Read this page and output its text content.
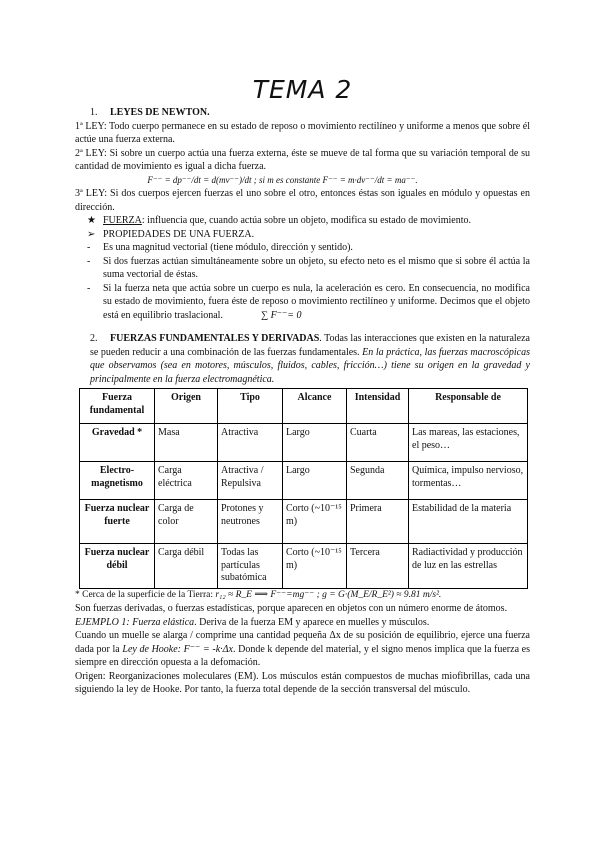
TEMA 2
1. LEYES DE NEWTON.

1ª LEY: Todo cuerpo permanece en su estado de reposo o movimiento rectilíneo y uniforme a menos que sobre él actúe una fuerza externa.

2ª LEY: Si sobre un cuerpo actúa una fuerza externa, éste se mueve de tal forma que su variación temporal de su cantidad de movimiento es igual a dicha fuerza.

F⁻⁻ = dp⁻⁻/dt = d(mv⁻⁻)/dt ; si m es constante F⁻⁻ = m·dv⁻⁻/dt = ma⁻⁻.

3ª LEY: Si dos cuerpos ejercen fuerzas el uno sobre el otro, entonces éstas son iguales en módulo y opuestas en dirección.

★ FUERZA: influencia que, cuando actúa sobre un objeto, modifica su estado de movimiento.
➢ PROPIEDADES DE UNA FUERZA.
- Es una magnitud vectorial (tiene módulo, dirección y sentido).
- Si dos fuerzas actúan simultáneamente sobre un objeto, su efecto neto es el mismo que si sobre él actúa la suma vectorial de éstas.
- Si la fuerza neta que actúa sobre un cuerpo es nula, la aceleración es cero. En consecuencia, no modifica su estado de movimiento, fuera éste de reposo o movimiento rectilíneo y uniforme. Decimos que el objeto está en equilibrio traslacional.	∑ F⁻⁻= 0

2. FUERZAS FUNDAMENTALES Y DERIVADAS. Todas las interacciones que existen en la naturaleza se pueden reducir a una combinación de las fuerzas fundamentales. En la práctica, las fuerzas macroscópicas que observamos (sea en motores, músculos, fluidos, cables, fricción…) tiene su origen en la gravedad y principalmente en la fuerza electromagnética.

Fuerza fundamental	Origen	Tipo	Alcance	Intensidad	Responsable de
Gravedad *	Masa	Atractiva	Largo	Cuarta	Las mareas, las estaciones, el peso…
Electro-magnetismo	Carga eléctrica	Atractiva / Repulsiva	Largo	Segunda	Química, impulso nervioso, tormentas…
Fuerza nuclear fuerte	Carga de color	Protones y neutrones	Corto (~10⁻¹⁵ m)	Primera	Estabilidad de la materia
Fuerza nuclear débil	Carga débil	Todas las partículas subatómica	Corto (~10⁻¹⁵ m)	Tercera	Radiactividad y producción de luz en las estrellas

* Cerca de la superficie de la Tierra: r₁₂ ≈ R_E ⟹ F⁻⁻=mg⁻⁻ ; g = G·(M_E/R_E²) ≈ 9.81 m/s².

Son fuerzas derivadas, o fuerzas estadísticas, porque aparecen en objetos con un número enorme de átomos.

EJEMPLO 1: Fuerza elástica. Deriva de la fuerza EM y aparece en muelles y músculos.

Cuando un muelle se alarga / comprime una cantidad pequeña Δx de su posición de equilibrio, ejerce una fuerza dada por la Ley de Hooke: F⁻⁻ = -k·Δx. Donde k depende del material, y el signo menos implica que la fuerza es siempre en dirección opuesta a la defomación.

Origen: Reorganizaciones moleculares (EM). Los músculos están compuestos de muchas miofibrillas, cada una siguiendo la ley de Hooke. Por tanto, la fuerza total depende de la sección transversal del músculo.
